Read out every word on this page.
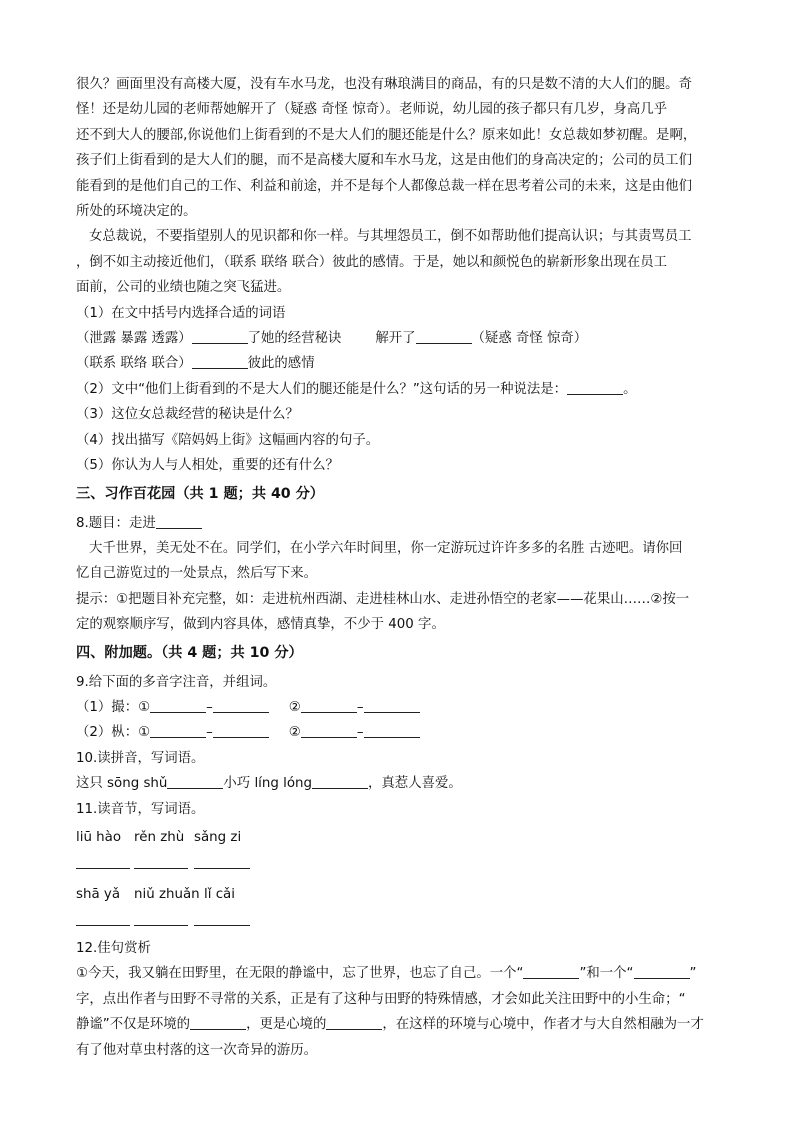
很久？画面里没有高楼大厦，没有车水马龙，也没有琳琅满目的商品，有的只是数不清的大人们的腿。奇

怪！还是幼儿园的老师帮她解开了（疑惑 奇怪 惊奇）。老师说，幼儿园的孩子都只有几岁，身高几乎

还不到大人的腰部,你说他们上街看到的不是大人们的腿还能是什么？原来如此！女总裁如梦初醒。是啊，

孩子们上街看到的是大人们的腿，而不是高楼大厦和车水马龙，这是由他们的身高决定的；公司的员工们

能看到的是他们自己的工作、利益和前途，并不是每个人都像总裁一样在思考着公司的未来，这是由他们

所处的环境决定的。

女总裁说，不要指望别人的见识都和你一样。与其埋怨员工，倒不如帮助他们提高认识；与其责骂员工

，倒不如主动接近他们，（联系 联络 联合）彼此的感情。于是，她以和颜悦色的崭新形象出现在员工

面前，公司的业绩也随之突飞猛进。

（1）在文中括号内选择合适的词语

（泄露 暴露 透露）	了她的经营秘诀	解开了	（疑惑 奇怪 惊奇）

（联系 联络 联合）	彼此的感情

（2）文中“他们上街看到的不是大人们的腿还能是什么？”这句话的另一种说法是：	。

（3）这位女总裁经营的秘诀是什么？

（4）找出描写《陪妈妈上街》这幅画内容的句子。

（5）你认为人与人相处，重要的还有什么？

三、习作百花园（共 1 题；共 40 分）

8.题目：走进

大千世界，美无处不在。同学们，在小学六年时间里，你一定游玩过许许多多的名胜 古迹吧。请你回

忆自己游览过的一处景点，然后写下来。

提示：①把题目补充完整，如：走进杭州西湖、走进桂林山水、走进孙悟空的老家——花果山……②按一

定的观察顺序写，做到内容具体，感情真挚，不少于 400 字。

四、附加题。（共 4 题；共 10 分）

9.给下面的多音字注音，并组词。

（1）撮：①	–	②	–

（2）枞：①	–	②	–

10.读拼音，写词语。

这只 sōng shǔ	小巧 líng lóng	，真惹人喜爱。

11.读音节，写词语。

liū hào rěn zhù sǎng zi
shā yǎ niǔ zhuǎn lǐ cǎi

12.佳句赏析

①今天，我又躺在田野里，在无限的静谧中，忘了世界，也忘了自己。一个“	”和一个“	”

字，点出作者与田野不寻常的关系，正是有了这种与田野的特殊情感，才会如此关注田野中的小生命；“

静谧”不仅是环境的	，更是心境的	，在这样的环境与心境中，作者才与大自然相融为一才

有了他对草虫村落的这一次奇异的游历。
